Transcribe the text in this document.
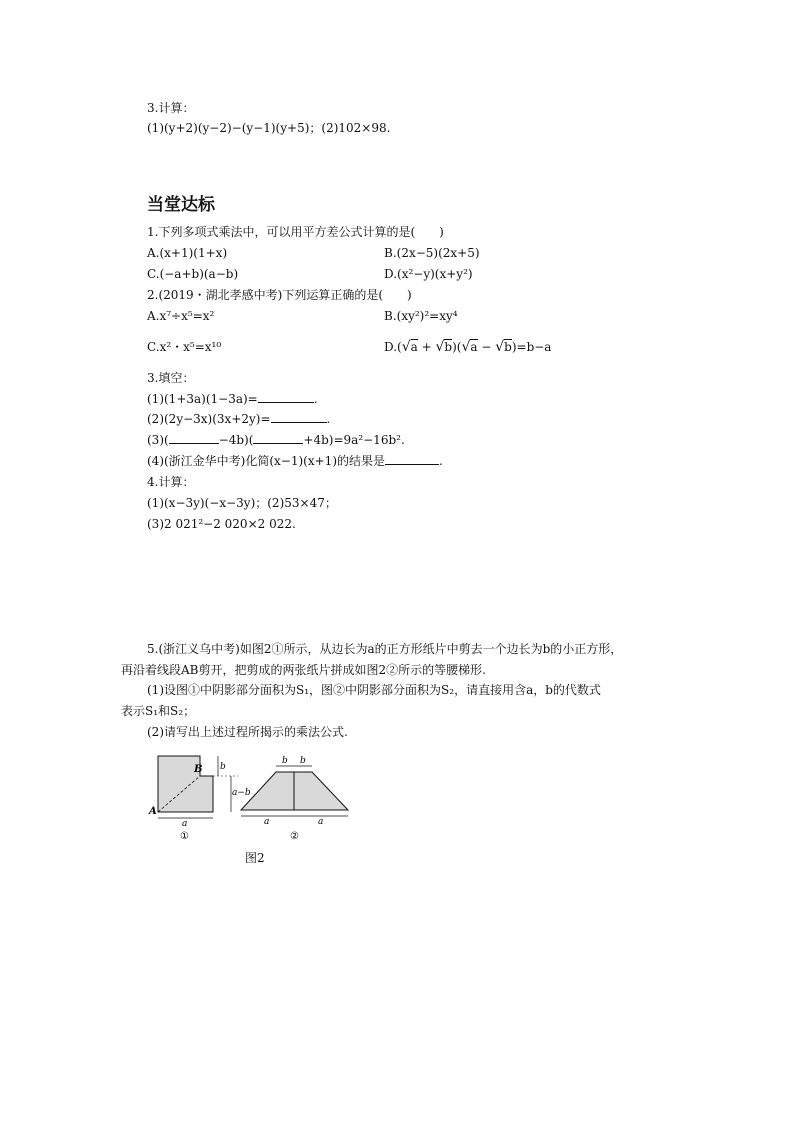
3.计算：
(1)(y+2)(y−2)−(y−1)(y+5)；(2)102×98.
当堂达标
1.下列多项式乘法中，可以用平方差公式计算的是(　　)
A.(x+1)(1+x)	B.(2x−5)(2x+5)
C.(−a+b)(a−b)	D.(x²−y)(x+y²)
2.(2019・湖北孝感中考)下列运算正确的是(　　)
A.x⁷÷x⁵=x²	B.(xy²)²=xy⁴
C.x²・x⁵=x¹⁰	D.(√a + √b)(√a − √b)=b−a
3.填空：
(1)(1+3a)(1−3a)=	.
(2)(2y−3x)(3x+2y)=	.
(3)(	−4b)(	+4b)=9a²−16b².
(4)(浙江金华中考)化简(x−1)(x+1)的结果是	.
4.计算：
(1)(x−3y)(−x−3y)；(2)53×47；
(3)2 021²−2 020×2 022.
5.(浙江义乌中考)如图2①所示，从边长为a的正方形纸片中剪去一个边长为b的小正方形，
再沿着线段AB剪开，把剪成的两张纸片拼成如图2②所示的等腰梯形.
(1)设图①中阴影部分面积为S₁，图②中阴影部分面积为S₂，请直接用含a，b的代数式
表示S₁和S₂；
(2)请写出上述过程所揭示的乘法公式.
B
A
b
a−b
a
①
b b
a	a
②
图2
